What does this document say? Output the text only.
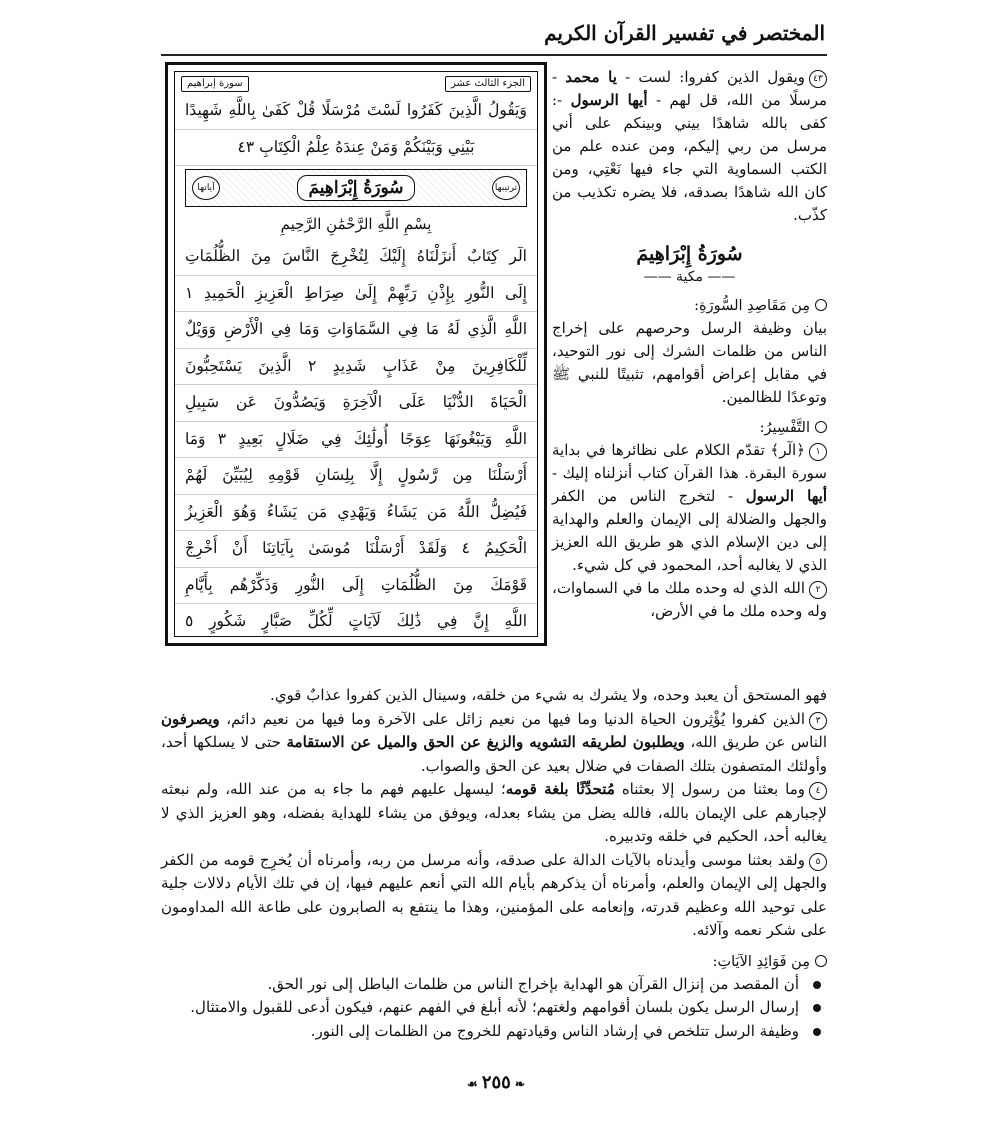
المختصر في تفسير القرآن الكريم
الجزء الثالث عشر
سورة إبراهيم
وَيَقُولُ الَّذِينَ كَفَرُوا لَسْتَ مُرْسَلًا قُلْ كَفَىٰ بِاللَّهِ شَهِيدًا
بَيْنِي وَبَيْنَكُمْ وَمَنْ عِندَهُ عِلْمُ الْكِتَابِ ٤٣
ترتيبها
سُورَةُ إِبْرَاهِيمَ
آياتها
بِسْمِ اللَّهِ الرَّحْمَٰنِ الرَّحِيمِ
الٓر كِتَابٌ أَنزَلْنَاهُ إِلَيْكَ لِتُخْرِجَ النَّاسَ مِنَ الظُّلُمَاتِ
إِلَى النُّورِ بِإِذْنِ رَبِّهِمْ إِلَىٰ صِرَاطِ الْعَزِيزِ الْحَمِيدِ ١
اللَّهِ الَّذِي لَهُ مَا فِي السَّمَاوَاتِ وَمَا فِي الْأَرْضِ وَوَيْلٌ
لِّلْكَافِرِينَ مِنْ عَذَابٍ شَدِيدٍ ٢ الَّذِينَ يَسْتَحِبُّونَ
الْحَيَاةَ الدُّنْيَا عَلَى الْآخِرَةِ وَيَصُدُّونَ عَن سَبِيلِ
اللَّهِ وَيَبْغُونَهَا عِوَجًا أُولَٰئِكَ فِي ضَلَالٍ بَعِيدٍ ٣ وَمَا
أَرْسَلْنَا مِن رَّسُولٍ إِلَّا بِلِسَانِ قَوْمِهِ لِيُبَيِّنَ لَهُمْ
فَيُضِلُّ اللَّهُ مَن يَشَاءُ وَيَهْدِي مَن يَشَاءُ وَهُوَ الْعَزِيزُ
الْحَكِيمُ ٤ وَلَقَدْ أَرْسَلْنَا مُوسَىٰ بِآيَاتِنَا أَنْ أَخْرِجْ
قَوْمَكَ مِنَ الظُّلُمَاتِ إِلَى النُّورِ وَذَكِّرْهُم بِأَيَّامِ
اللَّهِ إِنَّ فِي ذَٰلِكَ لَآيَاتٍ لِّكُلِّ صَبَّارٍ شَكُورٍ ٥
٤٣ويقول الذين كفروا: لست - يا محمد - مرسلًا من الله، قل لهم - أيها الرسول -: كفى بالله شاهدًا بيني وبينكم على أني مرسل من ربي إليكم، ومن عنده علم من الكتب السماوية التي جاء فيها نَعْتِي، ومن كان الله شاهدًا بصدقه، فلا يضره تكذيب من كذّب.
سُورَةُ إِبْرَاهِيمَ
—— مكية ——
مِن مَقَاصِدِ السُّورَةِ:
بيان وظيفة الرسل وحرصهم على إخراج الناس من ظلمات الشرك إلى نور التوحيد، في مقابل إعراض أقوامهم، تثبيتًا للنبي ﷺ وتوعدًا للظالمين.
التَّفْسِيرُ:
١﴿الٓر﴾ تقدّم الكلام على نظائرها في بداية سورة البقرة. هذا القرآن كتاب أنزلناه إليك - أيها الرسول - لتخرج الناس من الكفر والجهل والضلالة إلى الإيمان والعلم والهداية إلى دين الإسلام الذي هو طريق الله العزيز الذي لا يغالبه أحد، المحمود في كل شيء.
٢الله الذي له وحده ملك ما في السماوات، وله وحده ملك ما في الأرض،
فهو المستحق أن يعبد وحده، ولا يشرك به شيء من خلقه، وسينال الذين كفروا عذابٌ قوي.
٣الذين كفروا يُؤْثِرون الحياة الدنيا وما فيها من نعيم زائل على الآخرة وما فيها من نعيم دائم، ويصرفون الناس عن طريق الله، ويطلبون لطريقه التشويه والزيغ عن الحق والميل عن الاستقامة حتى لا يسلكها أحد، وأولئك المتصفون بتلك الصفات في ضلال بعيد عن الحق والصواب.
٤وما بعثنا من رسول إلا بعثناه مُتحدِّثًا بلغة قومه؛ ليسهل عليهم فهم ما جاء به من عند الله، ولم نبعثه لإجبارهم على الإيمان بالله، فالله يضل من يشاء بعدله، ويوفق من يشاء للهداية بفضله، وهو العزيز الذي لا يغالبه أحد، الحكيم في خلقه وتدبيره.
٥ولقد بعثنا موسى وأيدناه بالآيات الدالة على صدقه، وأنه مرسل من ربه، وأمرناه أن يُخرِج قومه من الكفر والجهل إلى الإيمان والعلم، وأمرناه أن يذكرهم بأيام الله التي أنعم عليهم فيها، إن في تلك الأيام دلالات جلية على توحيد الله وعظيم قدرته، وإنعامه على المؤمنين، وهذا ما ينتفع به الصابرون على طاعة الله المداومون على شكر نعمه وآلائه.
مِن فَوَائِدِ الآيَاتِ:
أن المقصد من إنزال القرآن هو الهداية بإخراج الناس من ظلمات الباطل إلى نور الحق.
إرسال الرسل يكون بلسان أقوامهم ولغتهم؛ لأنه أبلغ في الفهم عنهم، فيكون أدعى للقبول والامتثال.
وظيفة الرسل تتلخص في إرشاد الناس وقيادتهم للخروج من الظلمات إلى النور.
❧ ٢٥٥ ☙
